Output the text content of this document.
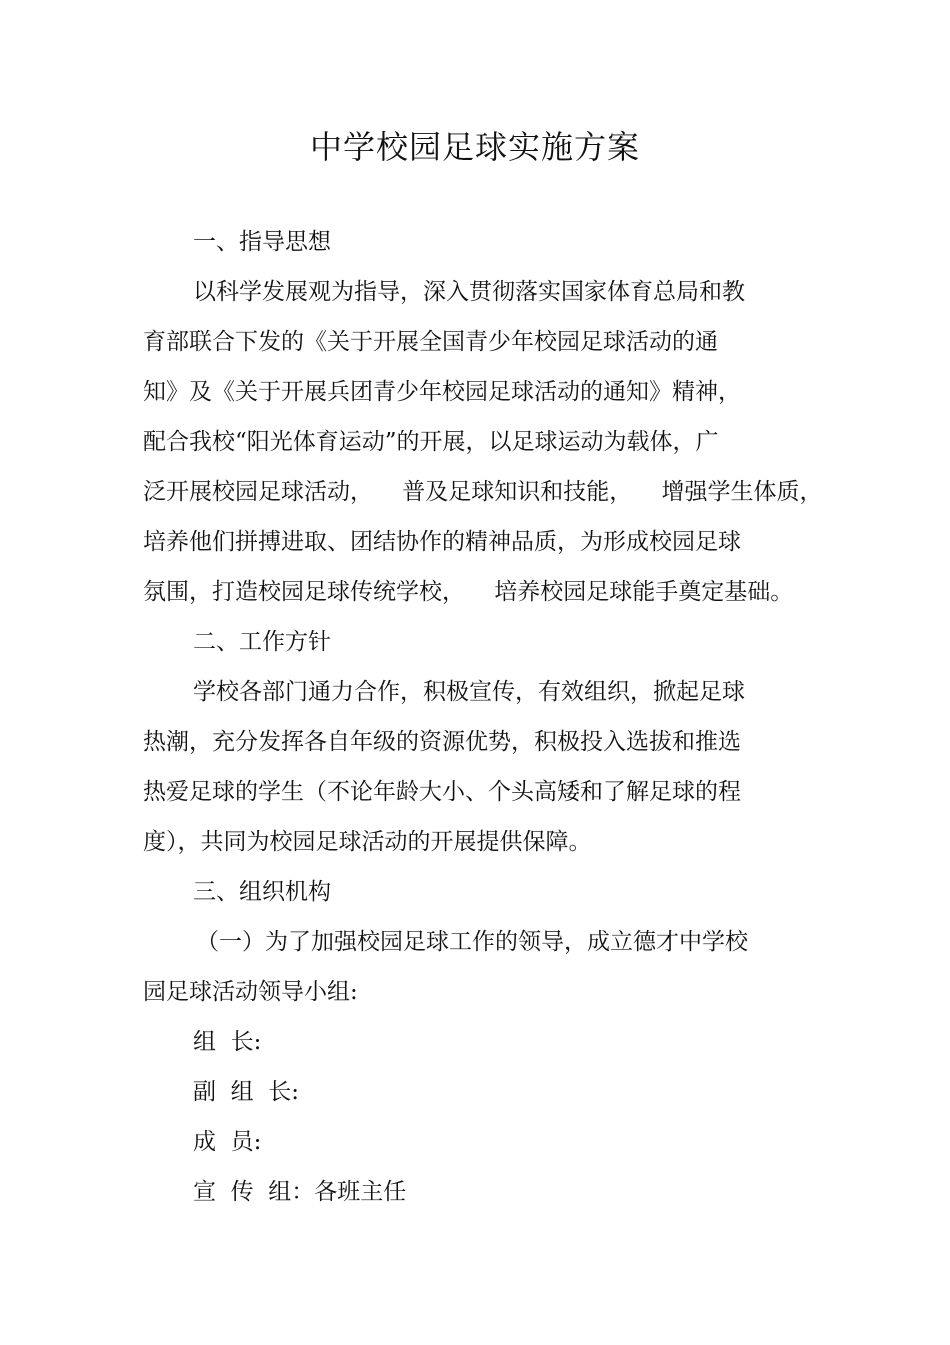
中学校园足球实施方案
一、指导思想
以科学发展观为指导，深入贯彻落实国家体育总局和教
育部联合下发的《关于开展全国青少年校园足球活动的通
知》及《关于开展兵团青少年校园足球活动的通知》精神，
配合我校“阳光体育运动”的开展，以足球运动为载体，广
泛开展校园足球活动，    普及足球知识和技能，    增强学生体质，
培养他们拼搏进取、团结协作的精神品质，为形成校园足球
氛围，打造校园足球传统学校，    培养校园足球能手奠定基础。
二、工作方针
学校各部门通力合作，积极宣传，有效组织，掀起足球
热潮，充分发挥各自年级的资源优势，积极投入选拔和推选
热爱足球的学生（不论年龄大小、个头高矮和了解足球的程
度），共同为校园足球活动的开展提供保障。
三、组织机构
（一）为了加强校园足球工作的领导，成立德才中学校
园足球活动领导小组:
组  长:
副  组  长:
成  员:
宣  传  组：各班主任
